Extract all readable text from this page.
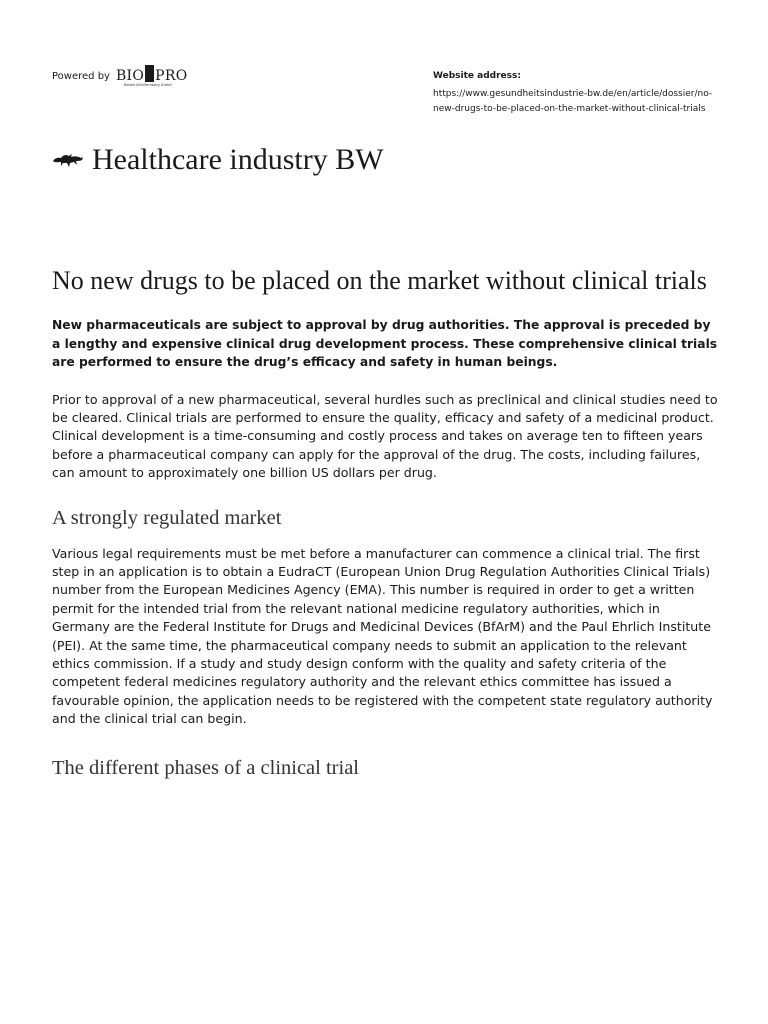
Powered by BIO PRO
Baden-Württemberg GmbH
Website address:
https://www.gesundheitsindustrie-bw.de/en/article/dossier/no-new-drugs-to-be-placed-on-the-market-without-clinical-trials
Healthcare industry BW
No new drugs to be placed on the market without clinical trials

New pharmaceuticals are subject to approval by drug authorities. The approval is preceded by a lengthy and expensive clinical drug development process. These comprehensive clinical trials are performed to ensure the drug’s efficacy and safety in human beings.

Prior to approval of a new pharmaceutical, several hurdles such as preclinical and clinical studies need to be cleared. Clinical trials are performed to ensure the quality, efficacy and safety of a medicinal product. Clinical development is a time-consuming and costly process and takes on average ten to fifteen years before a pharmaceutical company can apply for the approval of the drug. The costs, including failures, can amount to approximately one billion US dollars per drug.

A strongly regulated market

Various legal requirements must be met before a manufacturer can commence a clinical trial. The first step in an application is to obtain a EudraCT (European Union Drug Regulation Authorities Clinical Trials) number from the European Medicines Agency (EMA). This number is required in order to get a written permit for the intended trial from the relevant national medicine regulatory authorities, which in Germany are the Federal Institute for Drugs and Medicinal Devices (BfArM) and the Paul Ehrlich Institute (PEI). At the same time, the pharmaceutical company needs to submit an application to the relevant ethics commission. If a study and study design conform with the quality and safety criteria of the competent federal medicines regulatory authority and the relevant ethics committee has issued a favourable opinion, the application needs to be registered with the competent state regulatory authority and the clinical trial can begin.

The different phases of a clinical trial
